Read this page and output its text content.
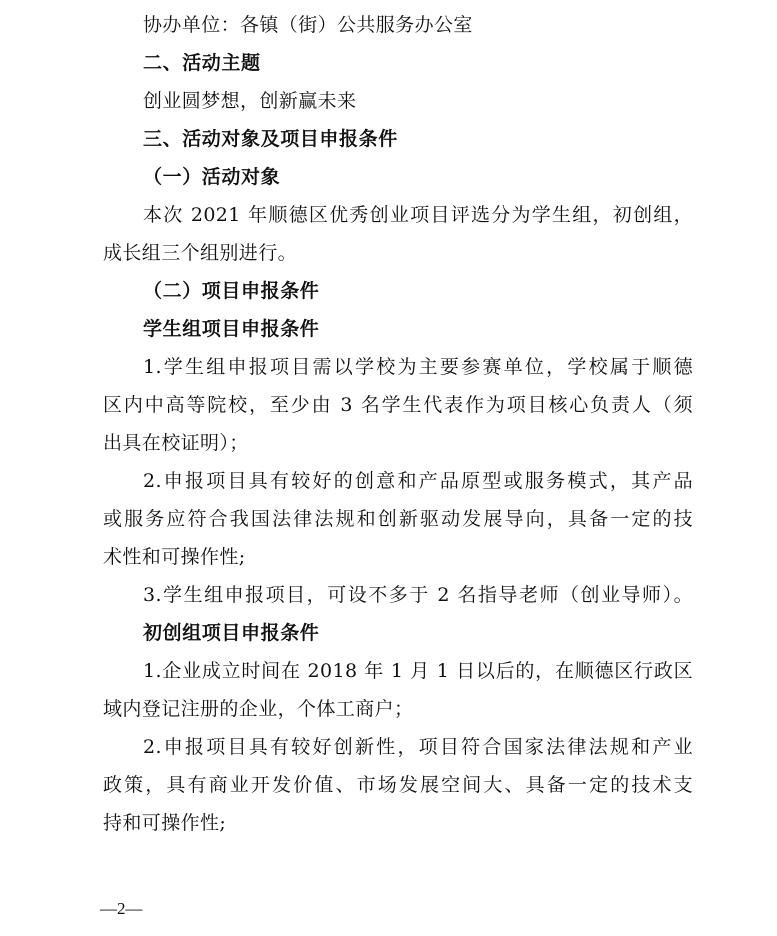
协办单位：各镇（街）公共服务办公室
二、活动主题
创业圆梦想，创新赢未来
三、活动对象及项目申报条件
（一）活动对象
本次 2021 年顺德区优秀创业项目评选分为学生组，初创组，
成长组三个组别进行。
（二）项目申报条件
学生组项目申报条件
1.学生组申报项目需以学校为主要参赛单位，学校属于顺德
区内中高等院校，至少由 3 名学生代表作为项目核心负责人（须
出具在校证明）；
2.申报项目具有较好的创意和产品原型或服务模式，其产品
或服务应符合我国法律法规和创新驱动发展导向，具备一定的技
术性和可操作性;
3.学生组申报项目，可设不多于 2 名指导老师（创业导师）。
初创组项目申报条件
1.企业成立时间在 2018 年 1 月 1 日以后的，在顺德区行政区
域内登记注册的企业，个体工商户；
2.申报项目具有较好创新性，项目符合国家法律法规和产业
政策，具有商业开发价值、市场发展空间大、具备一定的技术支
持和可操作性;
—2—
